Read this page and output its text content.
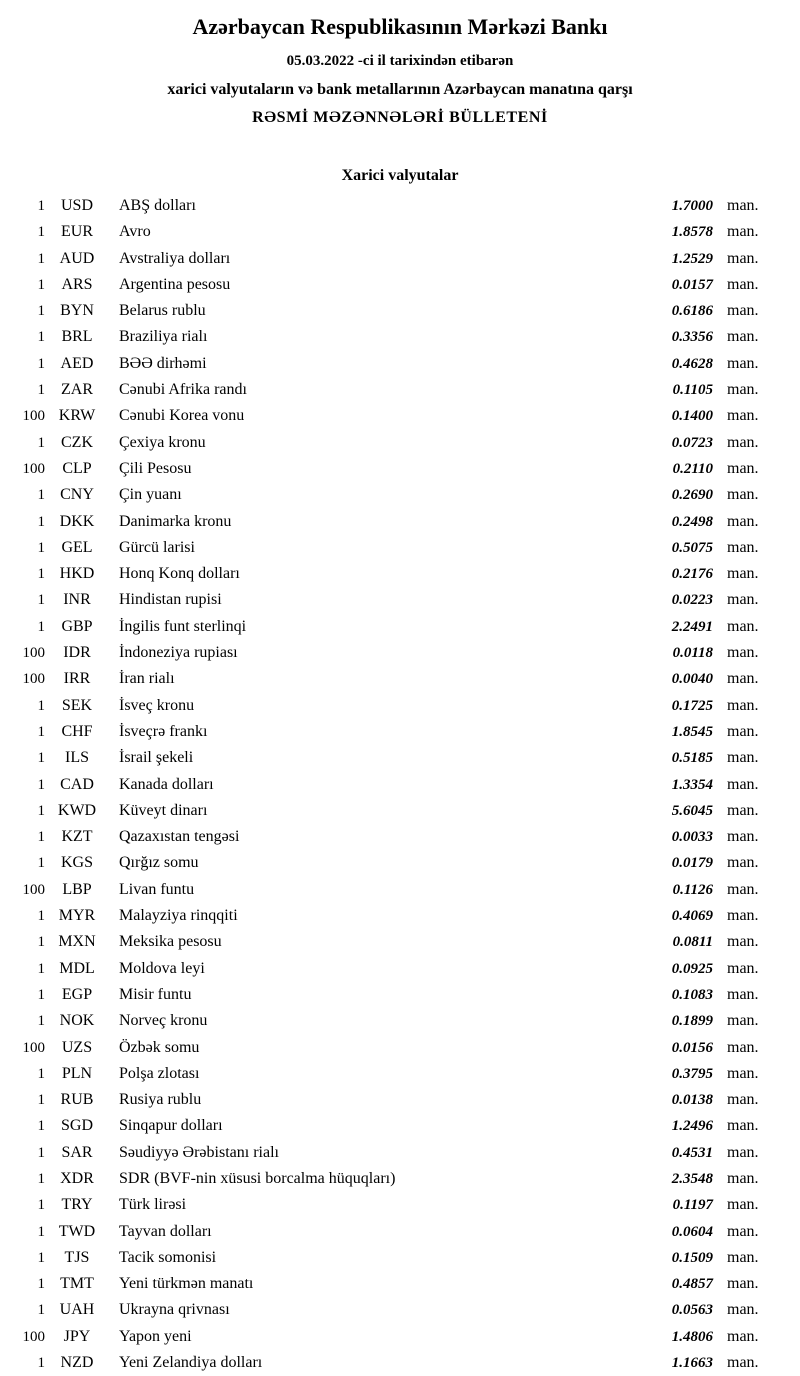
Azərbaycan Respublikasının Mərkəzi Bankı
05.03.2022 -ci il tarixindən etibarən
xarici valyutaların və bank metallarının Azərbaycan manatına qarşı
RƏSMİ MƏZƏNNƏLƏRİ BÜLLETENİ
Xarici valyutalar
1 USD	ABŞ dolları	1.7000 man.
1	EUR	Avro	1.8578 man.
1 AUD	Avstraliya dolları	1.2529 man.
1	ARS	Argentina pesosu	0.0157 man.
1 BYN	Belarus rublu	0.6186 man.
1	BRL	Braziliya rialı	0.3356 man.
1 AED	BƏƏ dirhəmi	0.4628 man.
1	ZAR	Cənubi Afrika randı	0.1105 man.
100 KRW	Cənubi Korea vonu	0.1400 man.
1	CZK	Çexiya kronu	0.0723 man.
100	CLP	Çili Pesosu	0.2110 man.
1 CNY	Çin yuanı	0.2690 man.
1 DKK	Danimarka kronu	0.2498 man.
1	GEL	Gürcü larisi	0.5075 man.
1 HKD	Honq Konq dolları	0.2176 man.
1	INR	Hindistan rupisi	0.0223 man.
1	GBP	İngilis funt sterlinqi	2.2491 man.
100	IDR	İndoneziya rupiası	0.0118 man.
100	IRR	İran rialı	0.0040 man.
1	SEK	İsveç kronu	0.1725 man.
1	CHF	İsveçrə frankı	1.8545 man.
1	ILS	İsrail şekeli	0.5185 man.
1 CAD	Kanada dolları	1.3354 man.
1 KWD	Küveyt dinarı	5.6045 man.
1	KZT	Qazaxıstan tengəsi	0.0033 man.
1 KGS	Qırğız somu	0.0179 man.
100	LBP	Livan funtu	0.1126 man.
1 MYR	Malayziya rinqqiti	0.4069 man.
1 MXN	Meksika pesosu	0.0811 man.
1 MDL	Moldova leyi	0.0925 man.
1	EGP	Misir funtu	0.1083 man.
1 NOK	Norveç kronu	0.1899 man.
100	UZS	Özbək somu	0.0156 man.
1	PLN	Polşa zlotası	0.3795 man.
1 RUB	Rusiya rublu	0.0138 man.
1 SGD	Sinqapur dolları	1.2496 man.
1	SAR	Səudiyyə Ərəbistanı rialı	0.4531 man.
1 XDR	SDR (BVF-nin xüsusi borcalma hüquqları)	2.3548 man.
1	TRY	Türk lirəsi	0.1197 man.
1 TWD	Tayvan dolları	0.0604 man.
1	TJS	Tacik somonisi	0.1509 man.
1 TMT	Yeni türkmən manatı	0.4857 man.
1 UAH	Ukrayna qrivnası	0.0563 man.
100	JPY	Yapon yeni	1.4806 man.
1 NZD	Yeni Zelandiya dolları	1.1663 man.
